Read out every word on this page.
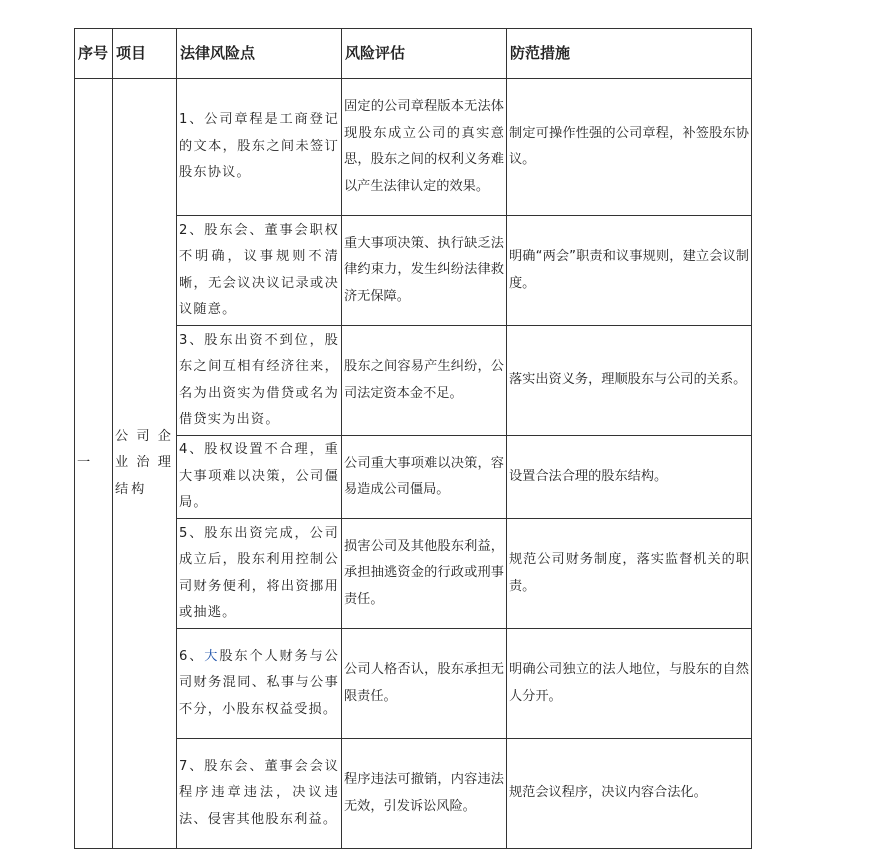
序号	项目	法律风险点	风险评估	防范措施
一	公司企业治理结构	1、公司章程是工商登记的文本，股东之间未签订股东协议。	固定的公司章程版本无法体现股东成立公司的真实意思，股东之间的权利义务难以产生法律认定的效果。	制定可操作性强的公司章程，补签股东协议。
		2、股东会、董事会职权不明确，议事规则不清晰，无会议决议记录或决议随意。	重大事项决策、执行缺乏法律约束力，发生纠纷法律救济无保障。	明确“两会”职责和议事规则，建立会议制度。
		3、股东出资不到位，股东之间互相有经济往来，名为出资实为借贷或名为借贷实为出资。	股东之间容易产生纠纷，公司法定资本金不足。	落实出资义务，理顺股东与公司的关系。
		4、股权设置不合理，重大事项难以决策，公司僵局。	公司重大事项难以决策，容易造成公司僵局。	设置合法合理的股东结构。
		5、股东出资完成，公司成立后，股东利用控制公司财务便利，将出资挪用或抽逃。	损害公司及其他股东利益，承担抽逃资金的行政或刑事责任。	规范公司财务制度，落实监督机关的职责。
		6、大股东个人财务与公司财务混同、私事与公事不分，小股东权益受损。	公司人格否认，股东承担无限责任。	明确公司独立的法人地位，与股东的自然人分开。
		7、股东会、董事会会议程序违章违法，决议违法、侵害其他股东利益。	程序违法可撤销，内容违法无效，引发诉讼风险。	规范会议程序，决议内容合法化。
